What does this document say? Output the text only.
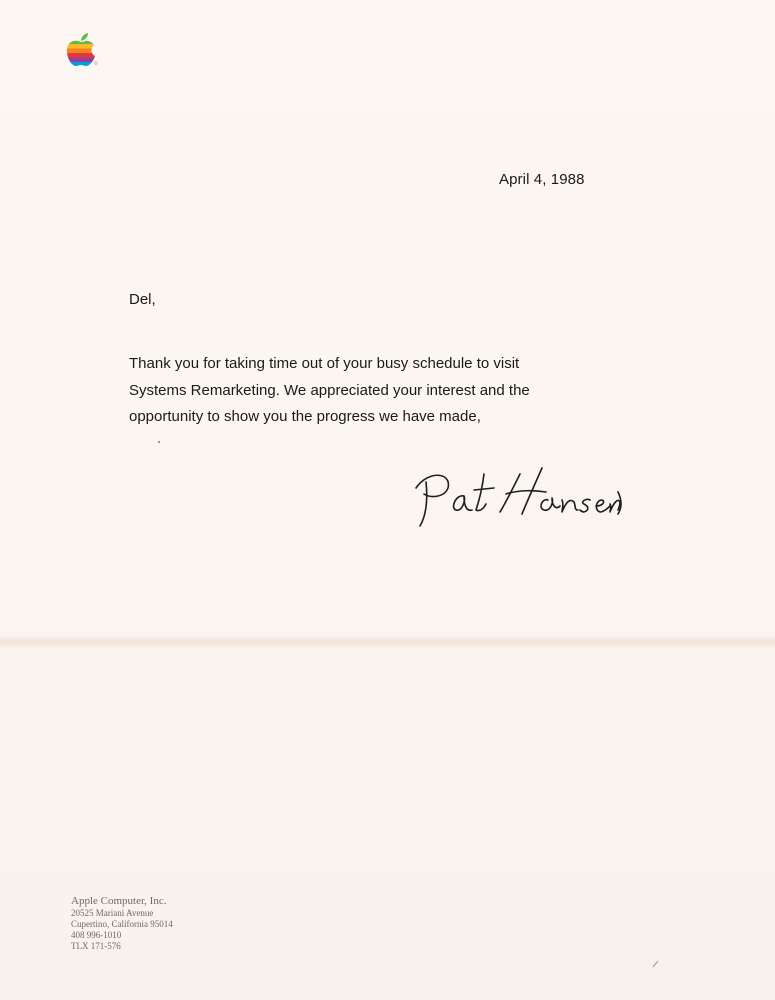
April 4, 1988
Del,
Thank you for taking time out of your busy schedule to visit
Systems Remarketing. We appreciated your interest and the
opportunity to show you the progress we have made,
Apple Computer, Inc.
20525 Mariani Avenue
Cupertino, California 95014
408 996-1010
TLX 171-576
